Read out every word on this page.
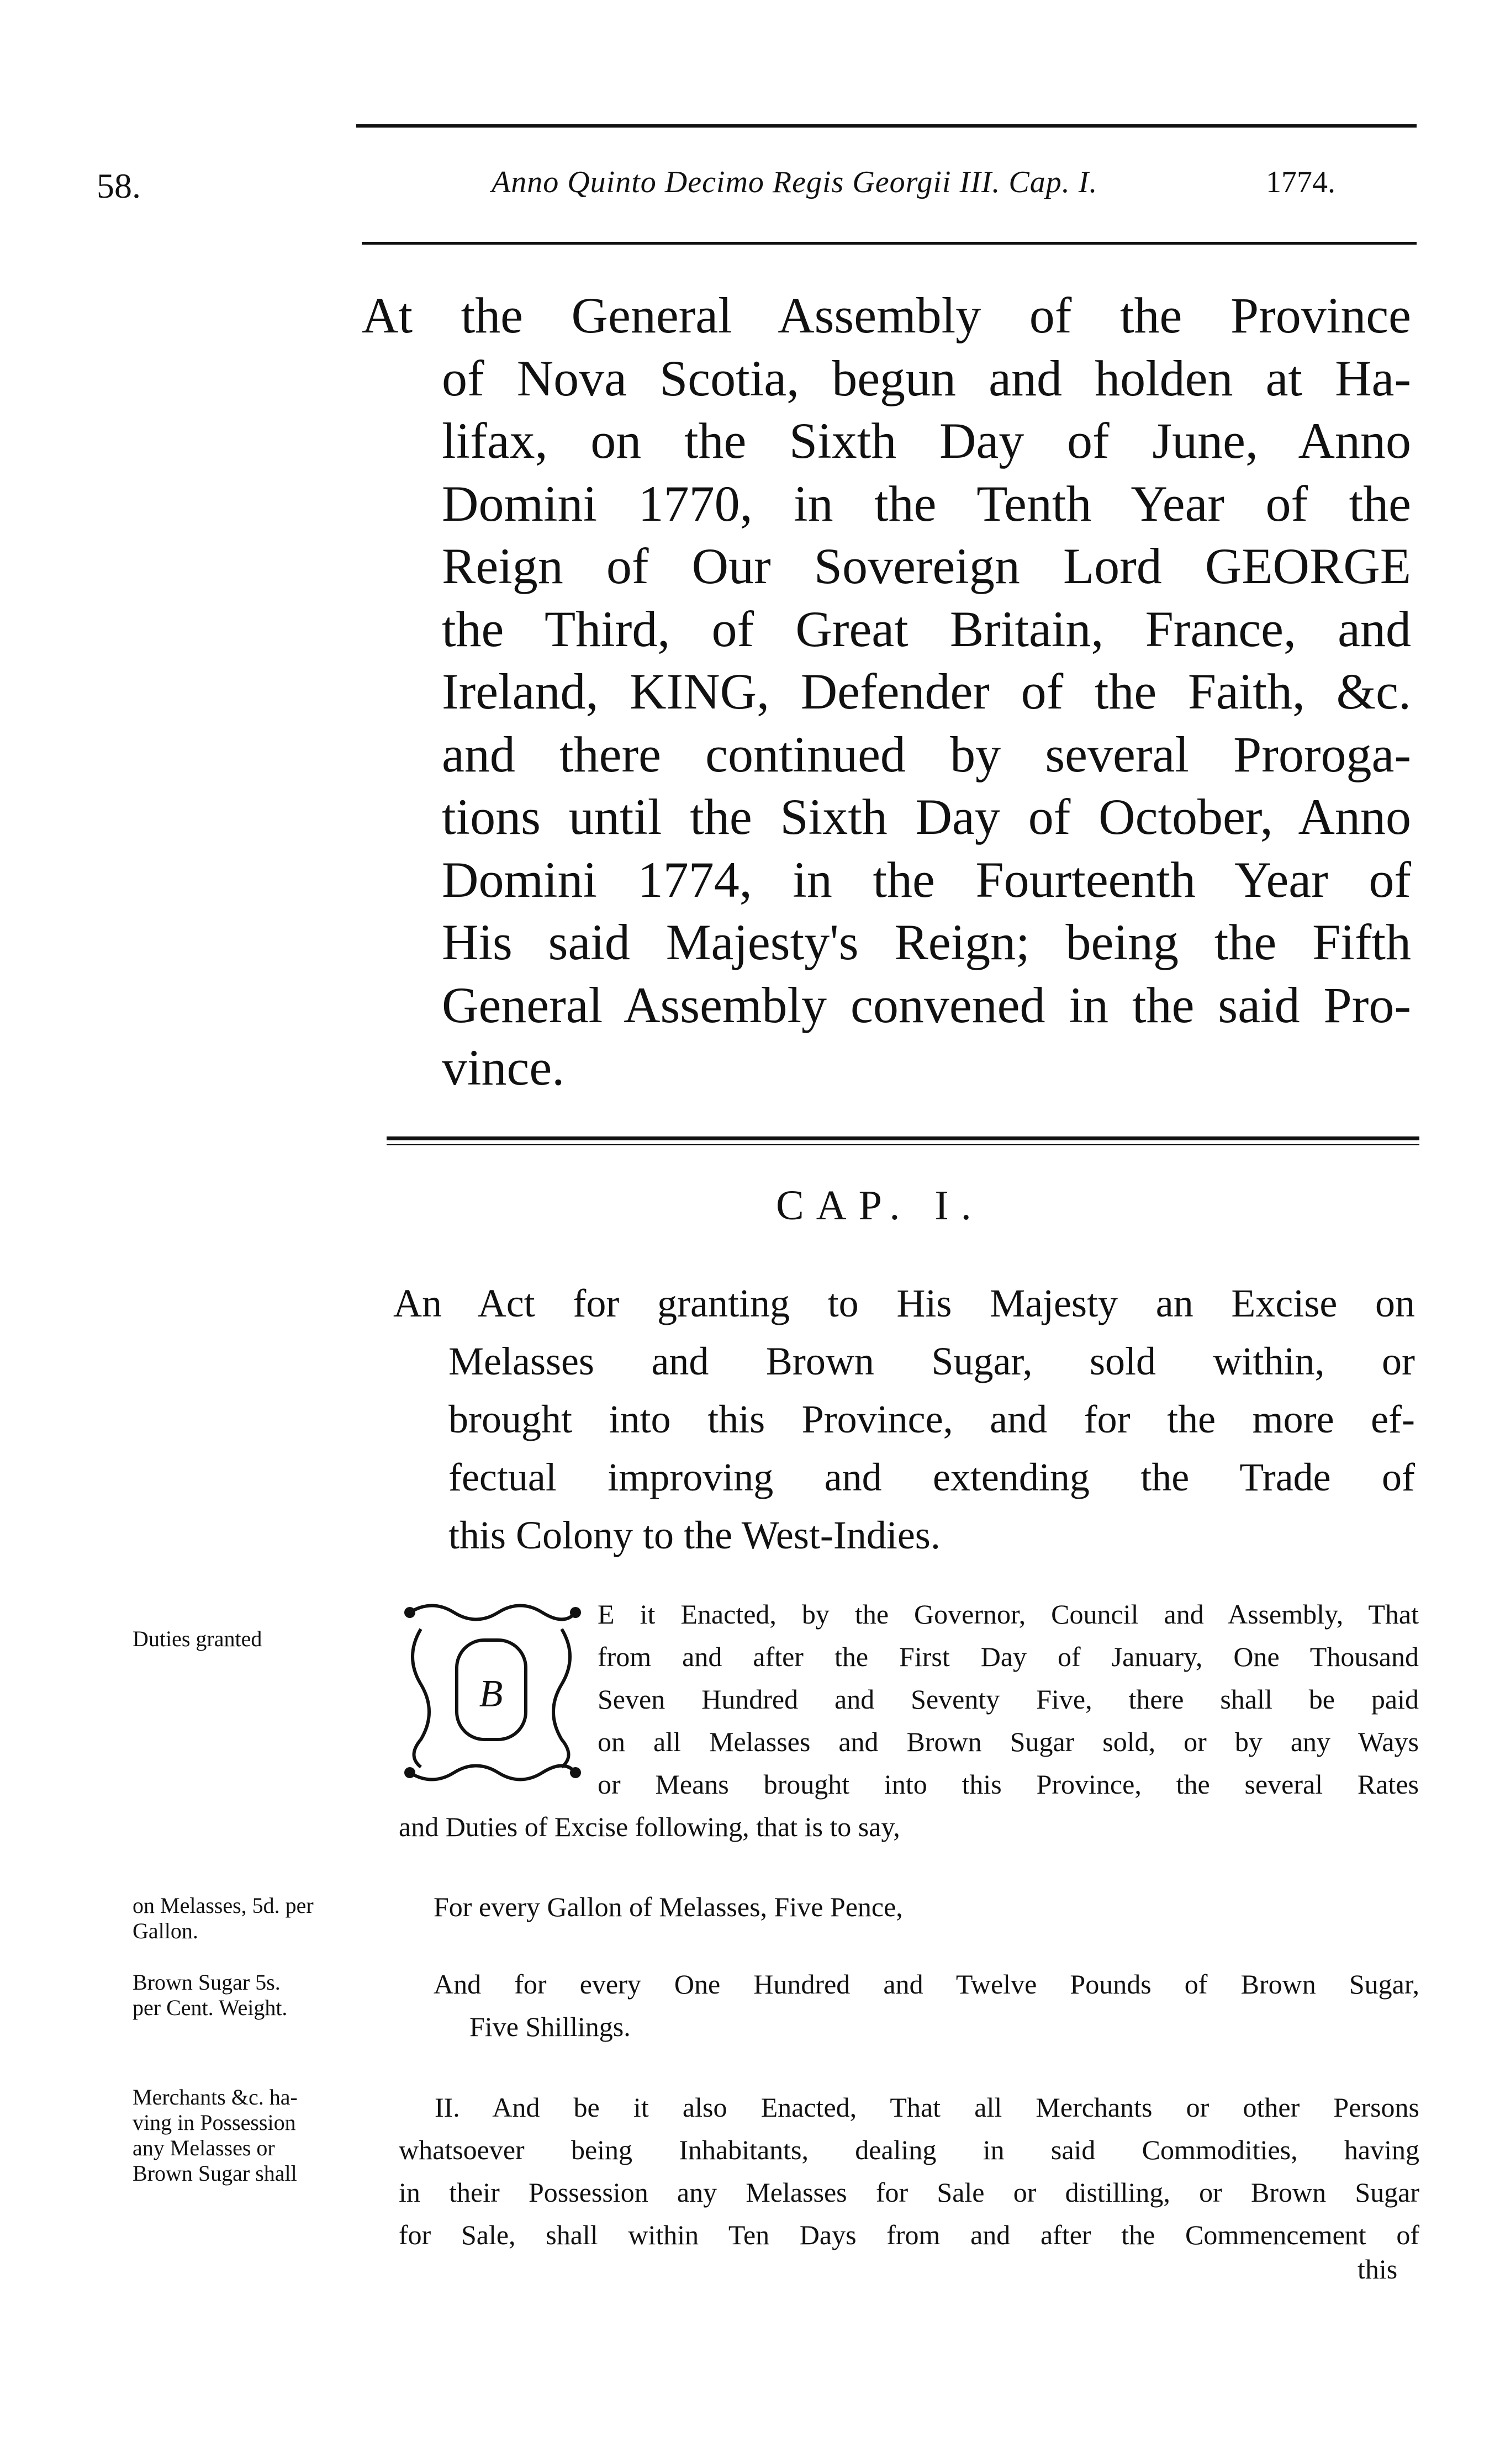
58.	Anno Quinto Decimo Regis Georgii III. Cap. I.	1774.
At the General Assembly of the Province
of Nova Scotia, begun and holden at Ha-
lifax, on the Sixth Day of June, Anno
Domini 1770, in the Tenth Year of the
Reign of Our Sovereign Lord GEORGE
the Third, of Great Britain, France, and
Ireland, KING, Defender of the Faith, &c.
and there continued by several Proroga-
tions until the Sixth Day of October, Anno
Domini 1774, in the Fourteenth Year of
His said Majesty's Reign; being the Fifth
General Assembly convened in the said Pro-
vince.
CAP. I.
An Act for granting to His Majesty an Excise on
Melasses and Brown Sugar, sold within, or
brought into this Province, and for the more ef-
fectual improving and extending the Trade of
this Colony to the West-Indies.
B
E it Enacted, by the Governor, Council and Assembly, That
from and after the First Day of January, One Thousand
Seven Hundred and Seventy Five, there shall be paid
on all Melasses and Brown Sugar sold, or by any Ways
or Means brought into this Province, the several Rates
and Duties of Excise following, that is to say,
For every Gallon of Melasses, Five Pence,
And for every One Hundred and Twelve Pounds of Brown Sugar,
Five Shillings.
II. And be it also Enacted, That all Merchants or other Persons
whatsoever being Inhabitants, dealing in said Commodities, having
in their Possession any Melasses for Sale or distilling, or Brown Sugar
for Sale, shall within Ten Days from and after the Commencement of
this
Duties granted
on Melasses, 5d. per
Gallon.
Brown Sugar 5s.
per Cent. Weight.
Merchants &c. ha-
ving in Possession
any Melasses or
Brown Sugar shall
